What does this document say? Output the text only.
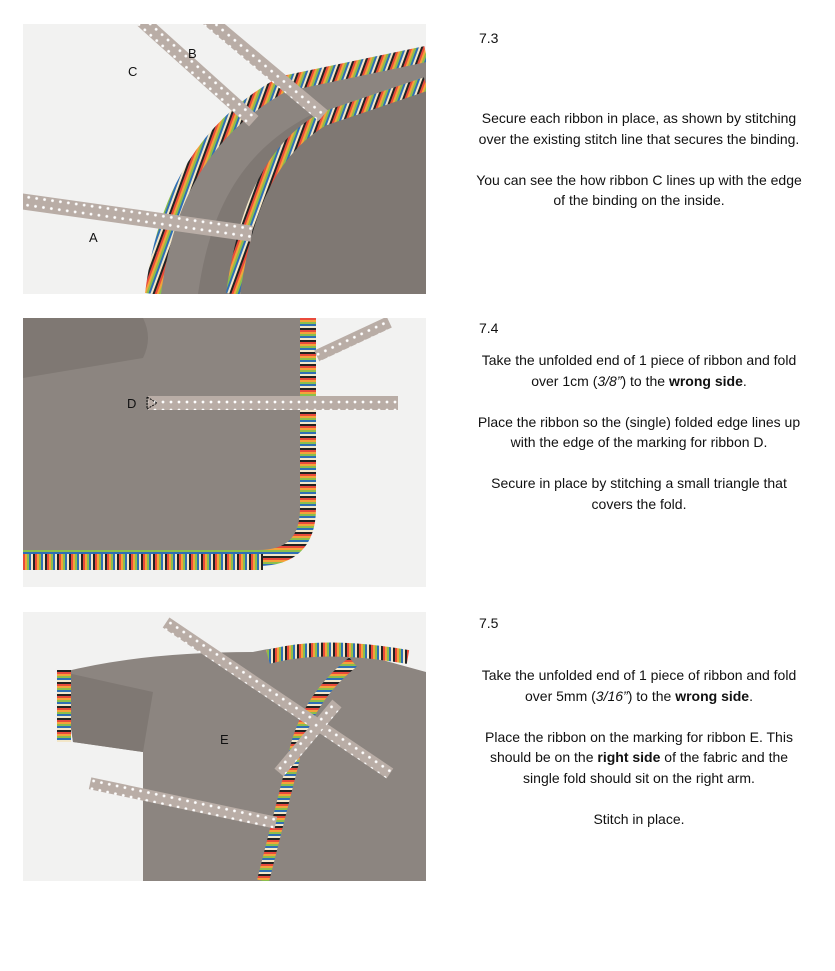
A
B
C
7.3

Secure each ribbon in place, as shown by stitching over the existing stitch line that secures the binding.

You can see the how ribbon C lines up with the edge of the binding on the inside.

D
7.4

Take the unfolded end of 1 piece of ribbon and fold over 1cm (3/8”) to the wrong side.

Place the ribbon so the (single) folded edge lines up with the edge of the marking for ribbon D.

Secure in place by stitching a small triangle that covers the fold.

E
7.5

Take the unfolded end of 1 piece of ribbon and fold over 5mm (3/16”) to the wrong side.

Place the ribbon on the marking for ribbon E. This should be on the right side of the fabric and the single fold should sit on the right arm.

Stitch in place.
